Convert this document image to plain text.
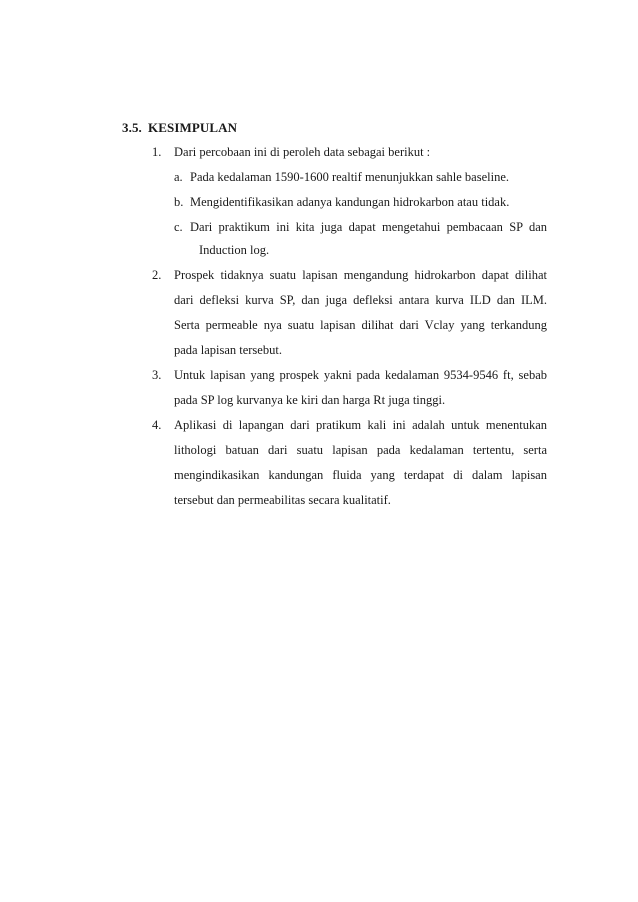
3.5. KESIMPULAN
1. Dari percobaan ini di peroleh data sebagai berikut :
a. Pada kedalaman 1590-1600 realtif menunjukkan sahle baseline.
b. Mengidentifikasikan adanya kandungan hidrokarbon atau tidak.
c. Dari praktikum ini kita juga dapat mengetahui pembacaan SP dan
Induction log.
2. Prospek tidaknya suatu lapisan mengandung hidrokarbon dapat dilihat
dari defleksi kurva SP, dan juga defleksi antara kurva ILD dan ILM.
Serta permeable nya suatu lapisan dilihat dari Vclay yang terkandung
pada lapisan tersebut.
3. Untuk lapisan yang prospek yakni pada kedalaman 9534-9546 ft, sebab
pada SP log kurvanya ke kiri dan harga Rt juga tinggi.
4. Aplikasi di lapangan dari pratikum kali ini adalah untuk menentukan
lithologi batuan dari suatu lapisan pada kedalaman tertentu, serta
mengindikasikan kandungan fluida yang terdapat di dalam lapisan
tersebut dan permeabilitas secara kualitatif.
